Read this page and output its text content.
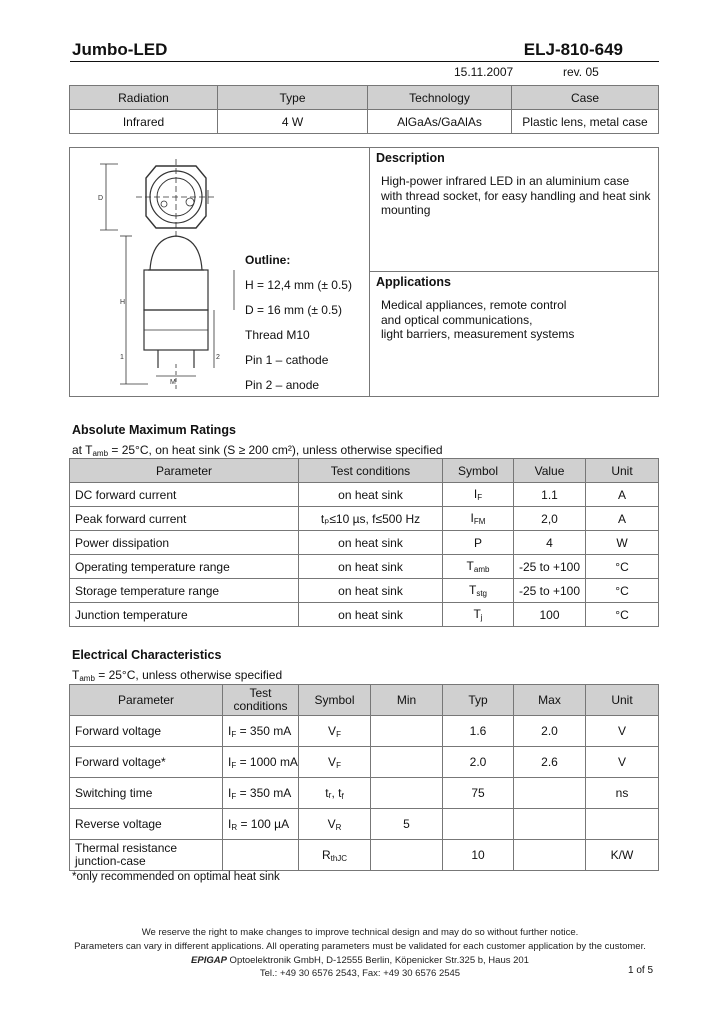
Jumbo-LED	ELJ-810-649
15.11.2007	rev. 05
Radiation	Type	Technology	Case
Infrared	4 W	AlGaAs/GaAlAs	Plastic lens, metal case
D
H
1	2
M
Outline:
H = 12,4 mm (± 0.5)
D = 16 mm (± 0.5)
Thread M10
Pin 1 – cathode
Pin 2 – anode
Description
High-power infrared LED in an aluminium case with thread socket, for easy handling and heat sink mounting
Applications
Medical appliances, remote control
and optical communications,
light barriers, measurement systems
Absolute Maximum Ratings
at $T_{amb} = 25^\circ C$, on heat sink (S ≥ 200 cm²), unless otherwise specified
Parameter	Test conditions	Symbol	Value	Unit
DC forward current	on heat sink	$I_F$	1.1	A
Peak forward current	tₚ≤10 µs, f≤500 Hz	$I_{FM}$	2,0	A
Power dissipation	on heat sink	P	4	W
Operating temperature range	on heat sink	$T_{amb}$	-25 to +100	°C
Storage temperature range	on heat sink	$T_{stg}$	-25 to +100	°C
Junction temperature	on heat sink	$T_j$	100	°C
Electrical Characteristics
$T_{amb} = 25^\circ C$, unless otherwise specified
Parameter	Test conditions	Symbol	Min	Typ	Max	Unit
Forward voltage	$I_F = 350$ mA	$V_F$		1.6	2.0	V
Forward voltage*	$I_F = 1000$ mA	$V_F$		2.0	2.6	V
Switching time	$I_F = 350$ mA	tᵣ, $t_f$		75		ns
Reverse voltage	$I_R = 100$ µA	$V_R$	5			
Thermal resistance junction-case		$R_{thJC}$		10		K/W
*only recommended on optimal heat sink
We reserve the right to make changes to improve technical design and may do so without further notice.
Parameters can vary in different applications. All operating parameters must be validated for each customer application by the customer.
EPIGAP Optoelektronik GmbH, D-12555 Berlin, Köpenicker Str.325 b, Haus 201
Tel.: +49 30 6576 2543, Fax: +49 30 6576 2545	1 of 5
